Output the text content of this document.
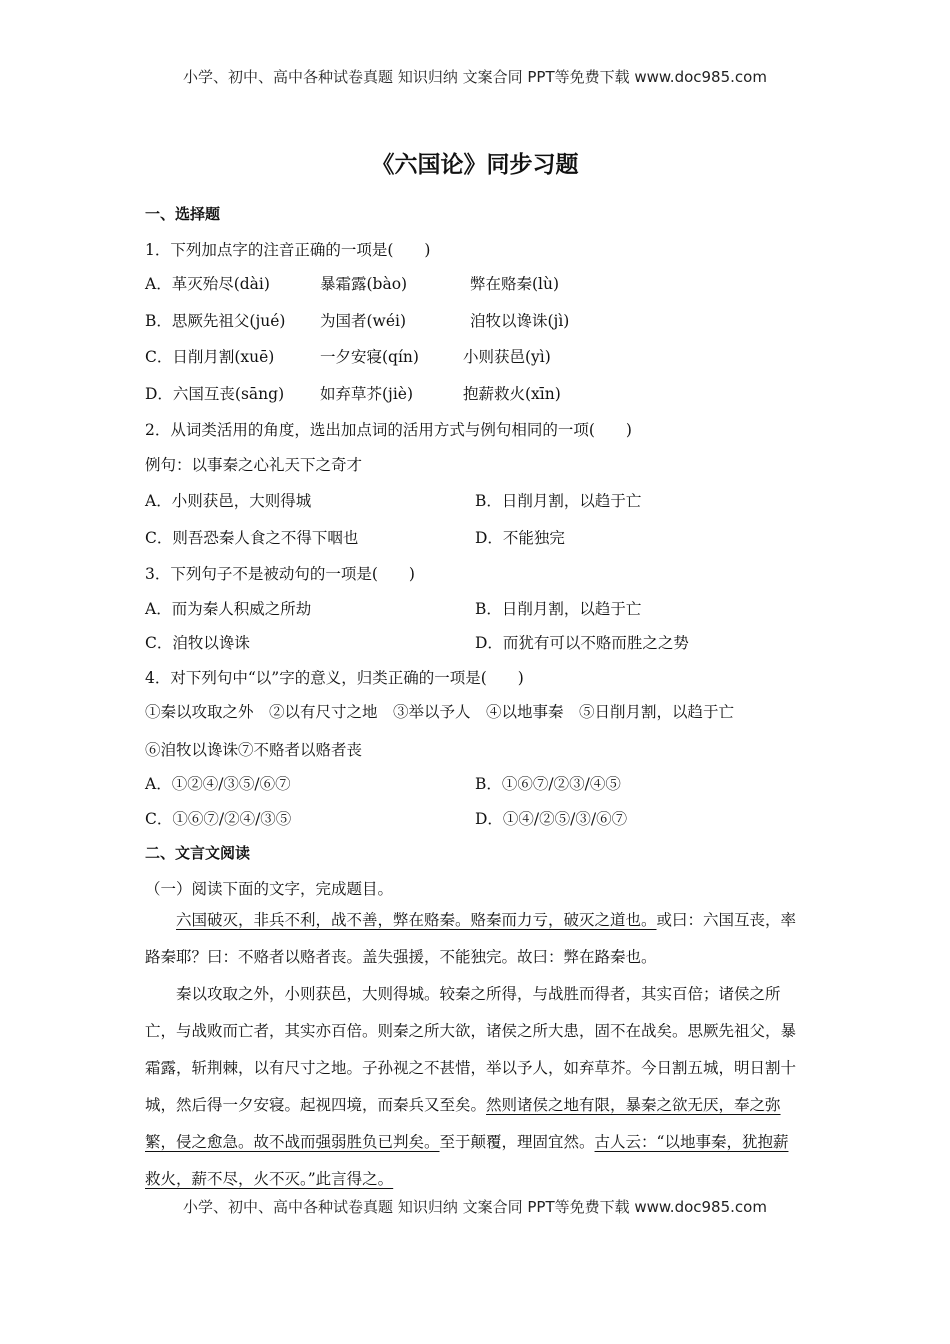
小学、初中、高中各种试卷真题 知识归纳 文案合同 PPT等免费下载 www.doc985.com
《六国论》同步习题
一、选择题
1．下列加点字的注音正确的一项是(　　)
A．革灭殆尽(dài)	暴霜露(bào)	弊在赂秦(lù)
B．思厥先祖父(jué) 为国者(wéi)	洎牧以谗诛(jì)
C．日削月割(xuē)	一夕安寝(qín)	小则获邑(yì)
D．六国互丧(sāng) 如弃草芥(jiè)	抱薪救火(xīn)
2．从词类活用的角度，选出加点词的活用方式与例句相同的一项(　　)
例句：以事秦之心礼天下之奇才
A．小则获邑，大则得城	B．日削月割，以趋于亡
C．则吾恐秦人食之不得下咽也	D．不能独完
3．下列句子不是被动句的一项是(　　)
A．而为秦人积威之所劫	B．日削月割，以趋于亡
C．洎牧以谗诛	D．而犹有可以不赂而胜之之势
4．对下列句中“以”字的意义，归类正确的一项是(　　)
①秦以攻取之外　②以有尺寸之地　③举以予人　④以地事秦　⑤日削月割，以趋于亡
⑥洎牧以谗诛⑦不赂者以赂者丧
A．①②④/③⑤/⑥⑦	B．①⑥⑦/②③/④⑤
C．①⑥⑦/②④/③⑤	D．①④/②⑤/③/⑥⑦
二、文言文阅读
（一）阅读下面的文字，完成题目。
六国破灭，非兵不利，战不善，弊在赂秦。赂秦而力亏，破灭之道也。或曰：六国互丧，率路秦耶？曰：不赂者以赂者丧。盖失强援，不能独完。故曰：弊在路秦也。
秦以攻取之外，小则获邑，大则得城。较秦之所得，与战胜而得者，其实百倍；诸侯之所亡，与战败而亡者，其实亦百倍。则秦之所大欲，诸侯之所大患，固不在战矣。思厥先祖父，暴霜露，斩荆棘，以有尺寸之地。子孙视之不甚惜，举以予人，如弃草芥。今日割五城，明日割十城，然后得一夕安寝。起视四境，而秦兵又至矣。然则诸侯之地有限，暴秦之欲无厌，奉之弥繁，侵之愈急。故不战而强弱胜负已判矣。至于颠覆，理固宜然。古人云：“以地事秦，犹抱薪救火，薪不尽，火不灭。”此言得之。
小学、初中、高中各种试卷真题 知识归纳 文案合同 PPT等免费下载 www.doc985.com
